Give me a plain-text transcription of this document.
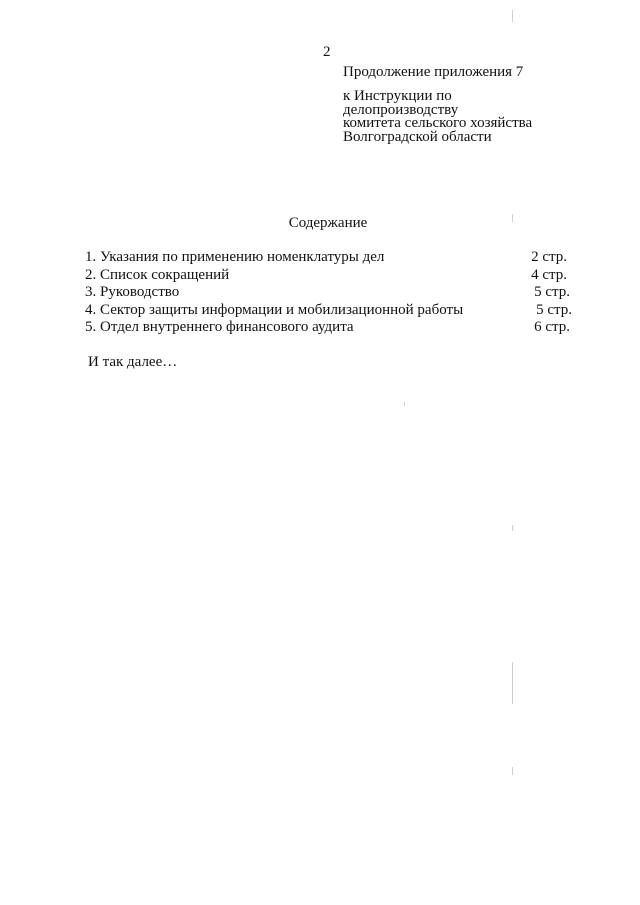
2
Продолжение приложения 7
к Инструкции по
делопроизводству
комитета сельского хозяйства
Волгоградской области
Содержание
1. Указания по применению номенклатуры дел	2 стр.
2. Список сокращений	4 стр.
3. Руководство	5 стр.
4. Сектор защиты информации и мобилизационной работы	5 стр.
5. Отдел внутреннего финансового аудита	6 стр.
И так далее…
